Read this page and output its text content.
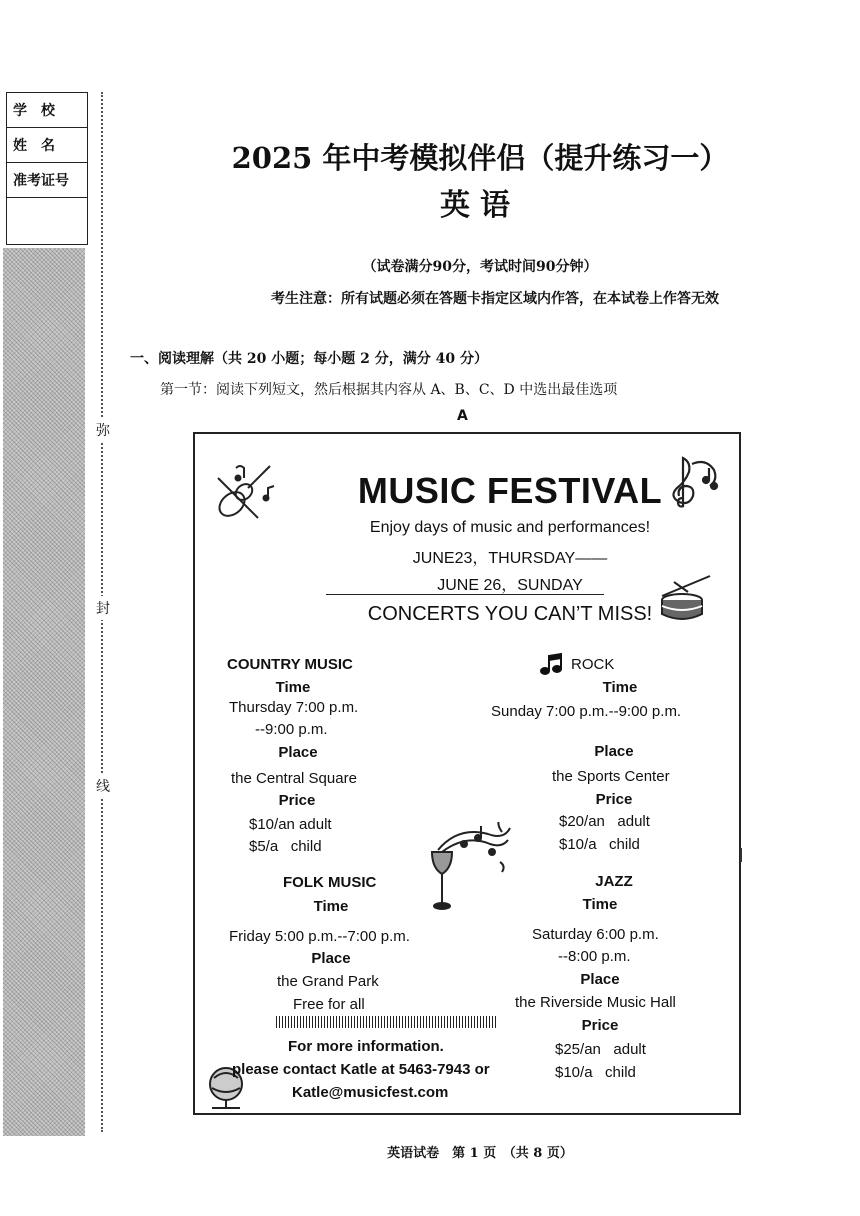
学　校
姓　名
准考证号
弥
封
线
2025 年中考模拟伴侣（提升练习一）
英语
（试卷满分90分，考试时间90分钟）
考生注意：所有试题必须在答题卡指定区域内作答，在本试卷上作答无效
一、阅读理解（共 20 小题；每小题 2 分，满分 40 分）
第一节：阅读下列短文，然后根据其内容从 A、B、C、D 中选出最佳选项
A
MUSIC FESTIVAL
Enjoy days of music and performances!
JUNE23，THURSDAY——
JUNE 26，SUNDAY
CONCERTS YOU CAN’T MISS!
COUNTRY MUSIC
Time
Thursday 7:00 p.m.
--9:00 p.m.
Place
the Central Square
Price
$10/an adult
$5/a   child
ROCK
Time
Sunday 7:00 p.m.--9:00 p.m.
Place
the Sports Center
Price
$20/an   adult
$10/a   child
FOLK MUSIC
Time
Friday 5:00 p.m.--7:00 p.m.
Place
the Grand Park
Free for all
JAZZ
Time
Saturday 6:00 p.m.
--8:00 p.m.
Place
the Riverside Music Hall
Price
$25/an   adult
$10/a   child
For more information.
please contact Katle at 5463-7943 or
Katle@musicfest.com
英语试卷　第 1 页　（共 8 页）
